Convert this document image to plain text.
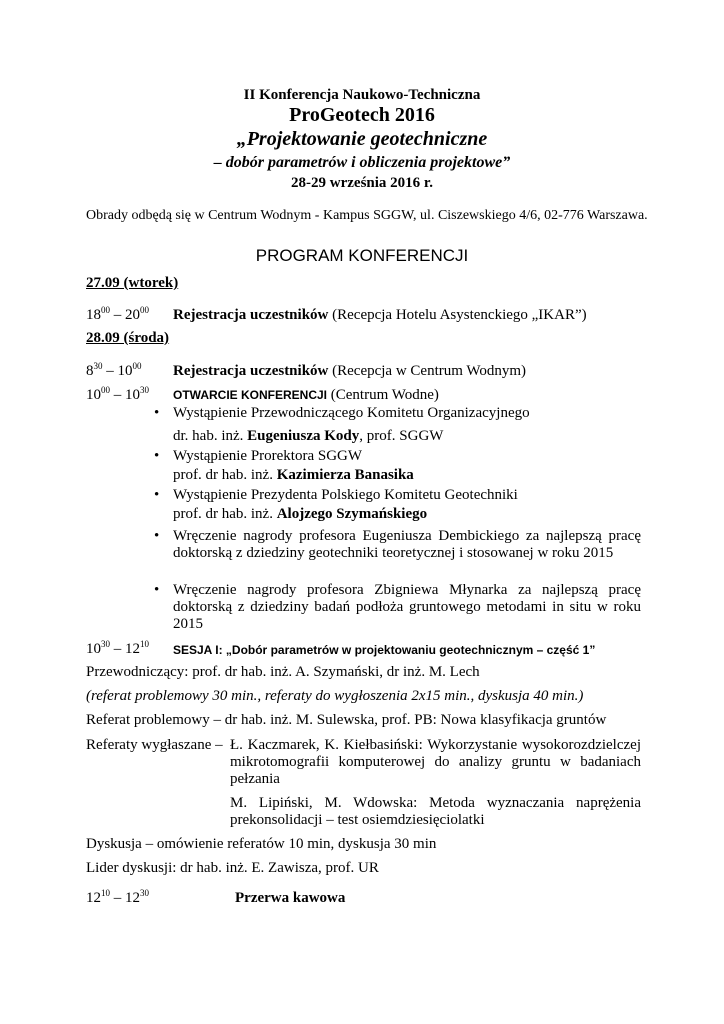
II Konferencja Naukowo-Techniczna
ProGeotech 2016
„Projektowanie geotechniczne
– dobór parametrów i obliczenia projektowe”
28-29 września 2016 r.
Obrady odbędą się w Centrum Wodnym - Kampus SGGW, ul. Ciszewskiego 4/6, 02-776 Warszawa.
PROGRAM KONFERENCJI
27.09 (wtorek)
$18^{00} - 20^{00}$ Rejestracja uczestników (Recepcja Hotelu Asystenckiego „IKAR”)
28.09 (środa)
$8^{30} - 10^{00}$ Rejestracja uczestników (Recepcja w Centrum Wodnym)
$10^{00} - 10^{30}$ OTWARCIE KONFERENCJI (Centrum Wodne)
• Wystąpienie Przewodniczącego Komitetu Organizacyjnego
dr. hab. inż. Eugeniusza Kody, prof. SGGW
• Wystąpienie Prorektora SGGW
prof. dr hab. inż. Kazimierza Banasika
• Wystąpienie Prezydenta Polskiego Komitetu Geotechniki
prof. dr hab. inż. Alojzego Szymańskiego
• Wręczenie nagrody profesora Eugeniusza Dembickiego za najlepszą pracę doktorską z dziedziny geotechniki teoretycznej i stosowanej w roku 2015
• Wręczenie nagrody profesora Zbigniewa Młynarka za najlepszą pracę doktorską z dziedziny badań podłoża gruntowego metodami in situ w roku 2015
$10^{30} - 12^{10}$ SESJA I: „Dobór parametrów w projektowaniu geotechnicznym – część 1”
Przewodniczący: prof. dr hab. inż. A. Szymański, dr inż. M. Lech
(referat problemowy 30 min., referaty do wygłoszenia 2x15 min., dyskusja 40 min.)
Referat problemowy – dr hab. inż. M. Sulewska, prof. PB: Nowa klasyfikacja gruntów
Referaty wygłaszane – Ł. Kaczmarek, K. Kiełbasiński: Wykorzystanie wysokorozdzielczej mikrotomografii komputerowej do analizy gruntu w badaniach pełzania
M. Lipiński, M. Wdowska: Metoda wyznaczania naprężenia prekonsolidacji – test osiemdziesięciolatki
Dyskusja – omówienie referatów 10 min, dyskusja 30 min
Lider dyskusji: dr hab. inż. E. Zawisza, prof. UR
$12^{10} - 12^{30}$	Przerwa kawowa
